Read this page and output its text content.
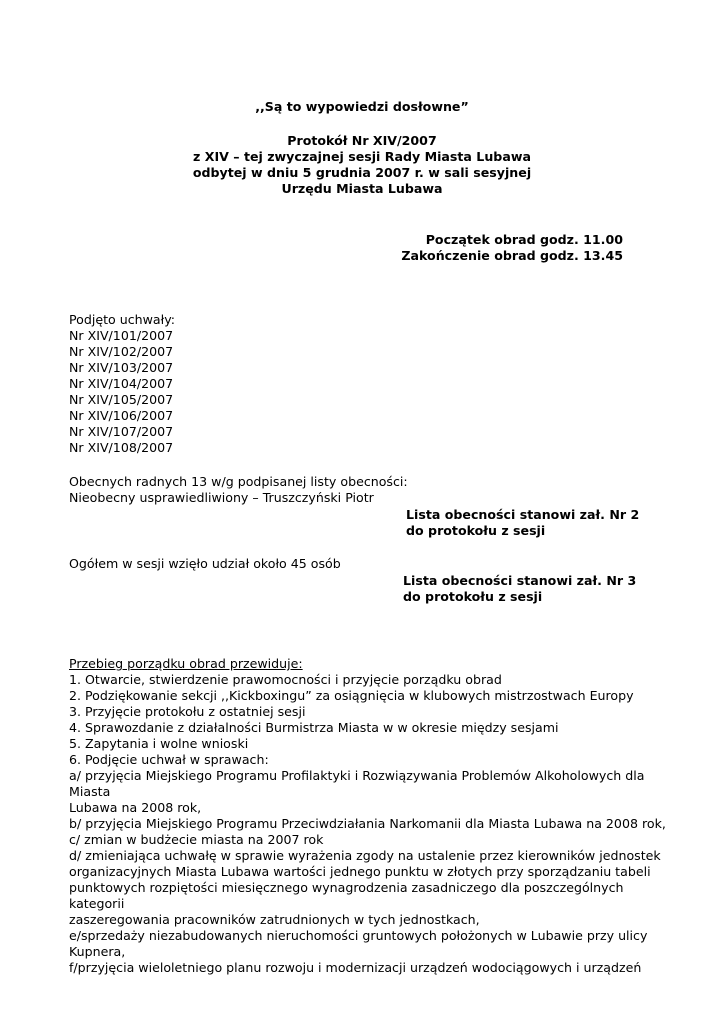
,,Są to wypowiedzi dosłowne”
Protokół Nr XIV/2007
z XIV – tej zwyczajnej sesji Rady Miasta Lubawa
odbytej w dniu 5 grudnia 2007 r. w sali sesyjnej
Urzędu Miasta Lubawa
Początek obrad godz. 11.00
Zakończenie obrad godz. 13.45
Podjęto uchwały:
Nr XIV/101/2007
Nr XIV/102/2007
Nr XIV/103/2007
Nr XIV/104/2007
Nr XIV/105/2007
Nr XIV/106/2007
Nr XIV/107/2007
Nr XIV/108/2007
Obecnych radnych 13 w/g podpisanej listy obecności:
Nieobecny usprawiedliwiony – Truszczyński Piotr
Lista obecności stanowi zał. Nr 2
do protokołu z sesji
Ogółem w sesji wzięło udział około 45 osób
Lista obecności stanowi zał. Nr 3
do protokołu z sesji
Przebieg porządku obrad przewiduje:
1. Otwarcie, stwierdzenie prawomocności i przyjęcie porządku obrad
2. Podziękowanie sekcji ,,Kickboxingu” za osiągnięcia w klubowych mistrzostwach Europy
3. Przyjęcie protokołu z ostatniej sesji
4. Sprawozdanie z działalności Burmistrza Miasta w w okresie między sesjami
5. Zapytania i wolne wnioski
6. Podjęcie uchwał w sprawach:
a/ przyjęcia Miejskiego Programu Profilaktyki i Rozwiązywania Problemów Alkoholowych dla Miasta
Lubawa na 2008 rok,
b/ przyjęcia Miejskiego Programu Przeciwdziałania Narkomanii dla Miasta Lubawa na 2008 rok,
c/ zmian w budżecie miasta na 2007 rok
d/ zmieniająca uchwałę w sprawie wyrażenia zgody na ustalenie przez kierowników jednostek
organizacyjnych Miasta Lubawa wartości jednego punktu w złotych przy sporządzaniu tabeli
punktowych rozpiętości miesięcznego wynagrodzenia zasadniczego dla poszczególnych kategorii
zaszeregowania pracowników zatrudnionych w tych jednostkach,
e/sprzedaży niezabudowanych nieruchomości gruntowych położonych w Lubawie przy ulicy
Kupnera,
f/przyjęcia wieloletniego planu rozwoju i modernizacji urządzeń wodociągowych i urządzeń
